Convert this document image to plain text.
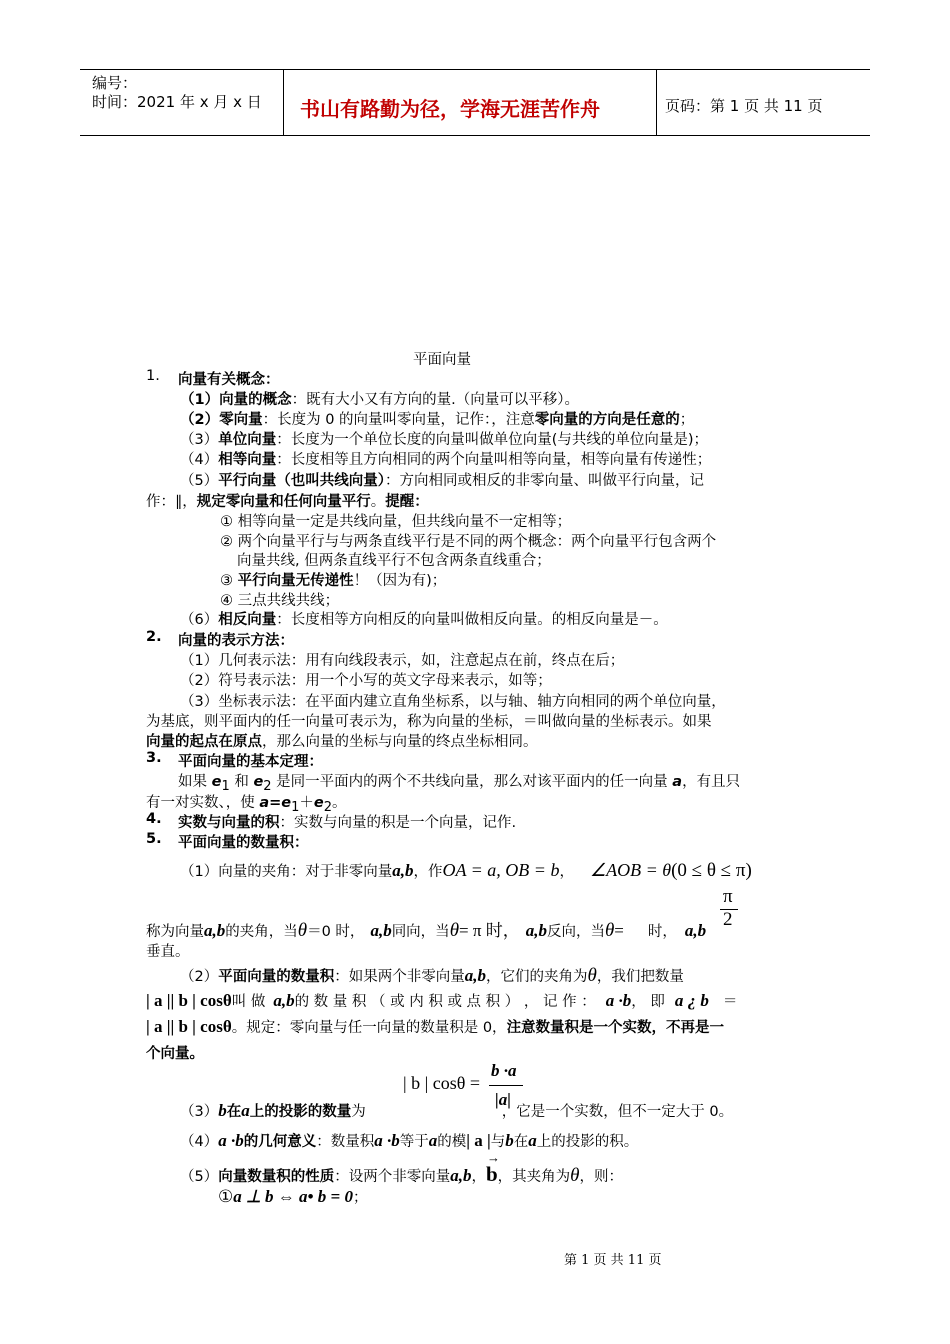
编号：
时间：2021 年 x 月 x 日 书山有路勤为径，学海无涯苦作舟	页码：第 1 页 共 11 页
平面向量
1. 向量有关概念：
（1）向量的概念：既有大小又有方向的量.（向量可以平移）。
（2）零向量：长度为 0 的向量叫零向量，记作：，注意零向量的方向是任意的；
（3）单位向量：长度为一个单位长度的向量叫做单位向量(与共线的单位向量是)；
（4）相等向量：长度相等且方向相同的两个向量叫相等向量，相等向量有传递性；
（5）平行向量（也叫共线向量）：方向相同或相反的非零向量、叫做平行向量，记
作：∥，规定零向量和任何向量平行。提醒：
① 相等向量一定是共线向量，但共线向量不一定相等；
② 两个向量平行与与两条直线平行是不同的两个概念：两个向量平行包含两个
向量共线, 但两条直线平行不包含两条直线重合；
③ 平行向量无传递性！（因为有)；
④ 三点共线共线；
（6）相反向量：长度相等方向相反的向量叫做相反向量。的相反向量是－。
2. 向量的表示方法：
（1）几何表示法：用有向线段表示，如，注意起点在前，终点在后；
（2）符号表示法：用一个小写的英文字母来表示，如等；
（3）坐标表示法：在平面内建立直角坐标系，以与轴、轴方向相同的两个单位向量，
为基底，则平面内的任一向量可表示为，称为向量的坐标，＝叫做向量的坐标表示。如果
向量的起点在原点，那么向量的坐标与向量的终点坐标相同。
3. 平面向量的基本定理：
如果 $e_1$ 和 $e_2$ 是同一平面内的两个不共线向量，那么对该平面内的任一向量 a，有且只
有一对实数、，使 $a=e_1+e_2$。
4. 实数与向量的积：实数与向量的积是一个向量，记作.
5. 平面向量的数量积：
（1）向量的夹角：对于非零向量a,b，作OA = a, OB = b， ∠AOB = θ(0 ≤ θ ≤ π)
π
2
称为向量a,b的夹角，当θ＝0 时， a,b同向，当θ= π 时， a,b反向，当θ= 时， a,b
垂直。
（2）平面向量的数量积：如果两个非零向量a,b，它们的夹角为θ，我们把数量
| a || b | cosθ叫 做 a,b的 数 量 积 （ 或 内 积 或 点 积 ） ， 记 作 ： a ·b， 即 a ¿ b ＝
| a || b | cosθ。规定：零向量与任一向量的数量积是 0，注意数量积是一个实数，不再是一
个向量。
| b | cosθ =
b ·a
|a|
（3）b在a上的投影的数量为	，它是一个实数，但不一定大于 0。
（4）a ·b的几何意义：数量积a ·b等于a的模| a |与b在a上的投影的积。
（5）向量数量积的性质：设两个非零向量a,b，
→
b，其夹角为θ，则：
①a ⊥ b ⇔ a• b = 0；
第 1 页 共 11 页
